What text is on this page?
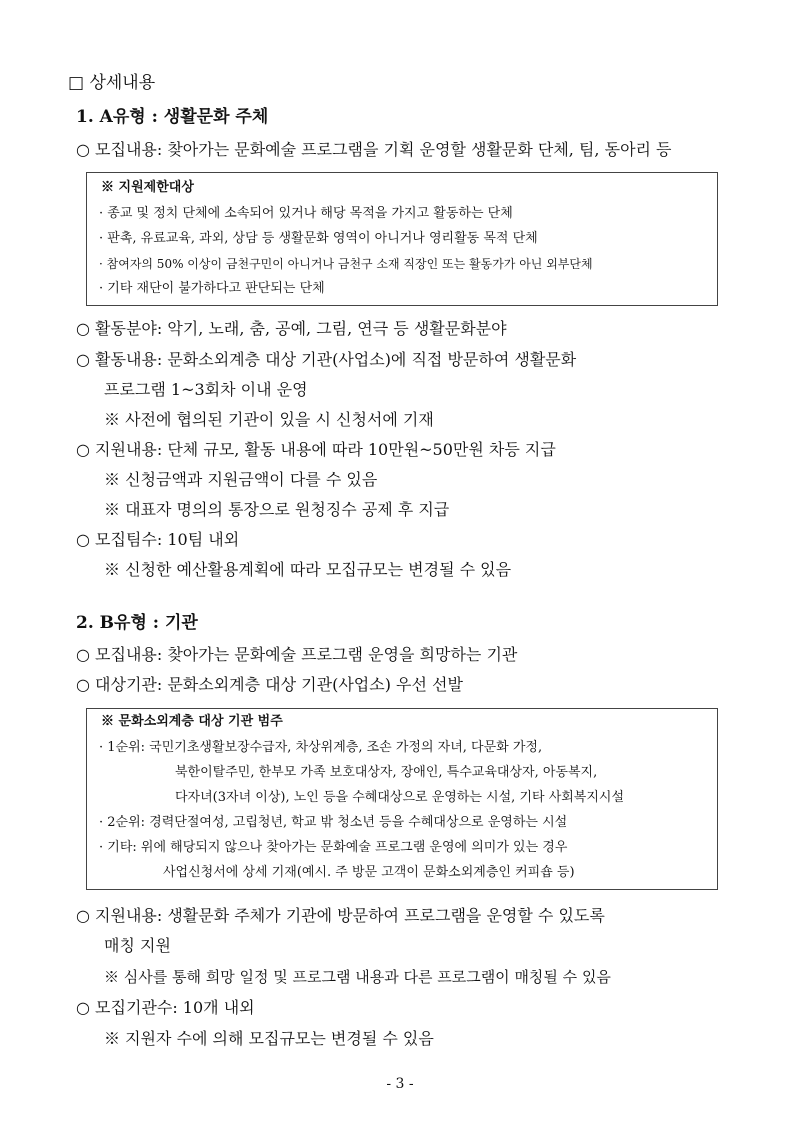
□ 상세내용
1. A유형 : 생활문화 주체
○ 모집내용: 찾아가는 문화예술 프로그램을 기획 운영할 생활문화 단체, 팀, 동아리 등
※ 지원제한대상
· 종교 및 정치 단체에 소속되어 있거나 해당 목적을 가지고 활동하는 단체
· 판촉, 유료교육, 과외, 상담 등 생활문화 영역이 아니거나 영리활동 목적 단체
· 참여자의 50% 이상이 금천구민이 아니거나 금천구 소재 직장인 또는 활동가가 아닌 외부단체
· 기타 재단이 불가하다고 판단되는 단체
○ 활동분야: 악기, 노래, 춤, 공예, 그림, 연극 등 생활문화분야
○ 활동내용: 문화소외계층 대상 기관(사업소)에 직접 방문하여 생활문화
프로그램 1~3회차 이내 운영
※ 사전에 협의된 기관이 있을 시 신청서에 기재
○ 지원내용: 단체 규모, 활동 내용에 따라 10만원~50만원 차등 지급
※ 신청금액과 지원금액이 다를 수 있음
※ 대표자 명의의 통장으로 원청징수 공제 후 지급
○ 모집팀수: 10팀 내외
※ 신청한 예산활용계획에 따라 모집규모는 변경될 수 있음
2. B유형 : 기관
○ 모집내용: 찾아가는 문화예술 프로그램 운영을 희망하는 기관
○ 대상기관: 문화소외계층 대상 기관(사업소) 우선 선발
※ 문화소외계층 대상 기관 범주
· 1순위: 국민기초생활보장수급자, 차상위계층, 조손 가정의 자녀, 다문화 가정,
북한이탈주민, 한부모 가족 보호대상자, 장애인, 특수교육대상자, 아동복지,
다자녀(3자녀 이상), 노인 등을 수혜대상으로 운영하는 시설, 기타 사회복지시설
· 2순위: 경력단절여성, 고립청년, 학교 밖 청소년 등을 수혜대상으로 운영하는 시설
· 기타: 위에 해당되지 않으나 찾아가는 문화예술 프로그램 운영에 의미가 있는 경우
사업신청서에 상세 기재(예시. 주 방문 고객이 문화소외계층인 커피숍 등)
○ 지원내용: 생활문화 주체가 기관에 방문하여 프로그램을 운영할 수 있도록
매칭 지원
※ 심사를 통해 희망 일정 및 프로그램 내용과 다른 프로그램이 매칭될 수 있음
○ 모집기관수: 10개 내외
※ 지원자 수에 의해 모집규모는 변경될 수 있음
- 3 -
